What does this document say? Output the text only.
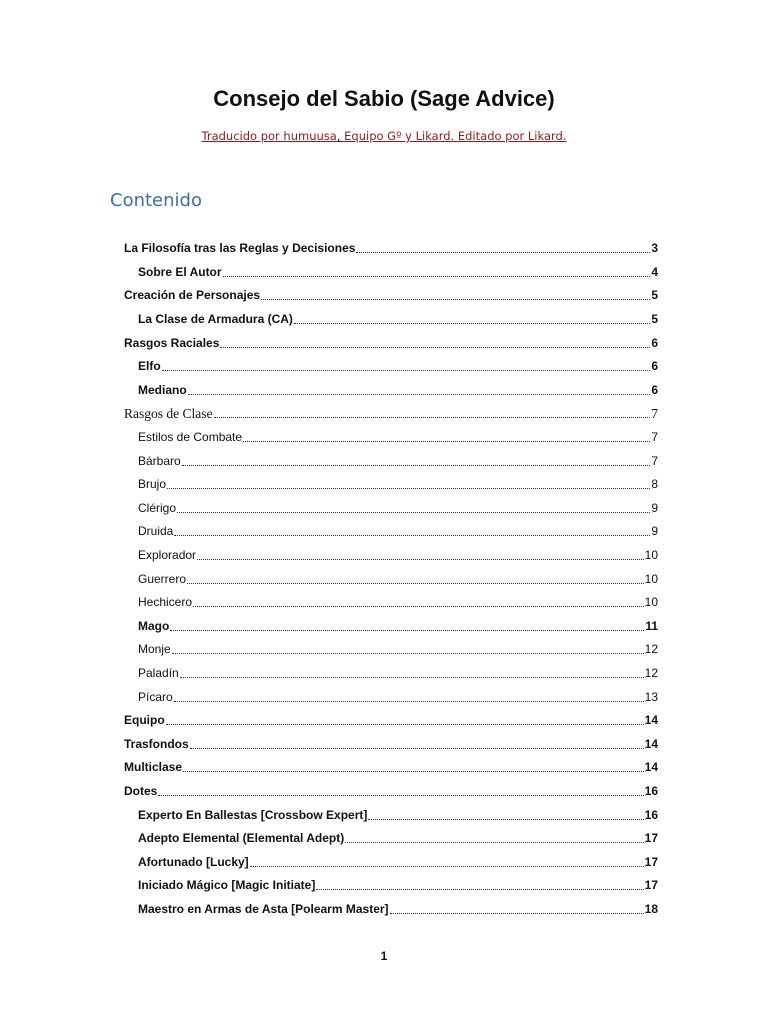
Consejo del Sabio (Sage Advice)
Traducido por humuusa, Equipo Gº y Likard. Editado por Likard.
Contenido
La Filosofía tras las Reglas y Decisiones	3
Sobre El Autor	4
Creación de Personajes	5
La Clase de Armadura (CA)	5
Rasgos Raciales	6
Elfo	6
Mediano	6
Rasgos de Clase	7
Estilos de Combate	7
Bárbaro	7
Brujo	8
Clérigo	9
Druida	9
Explorador	10
Guerrero	10
Hechicero	10
Mago	11
Monje	12
Paladín	12
Pícaro	13
Equipo	14
Trasfondos	14
Multiclase	14
Dotes	16
Experto En Ballestas [Crossbow Expert]	16
Adepto Elemental (Elemental Adept)	17
Afortunado [Lucky]	17
Iniciado Mágico [Magic Initiate]	17
Maestro en Armas de Asta [Polearm Master]	18
1
